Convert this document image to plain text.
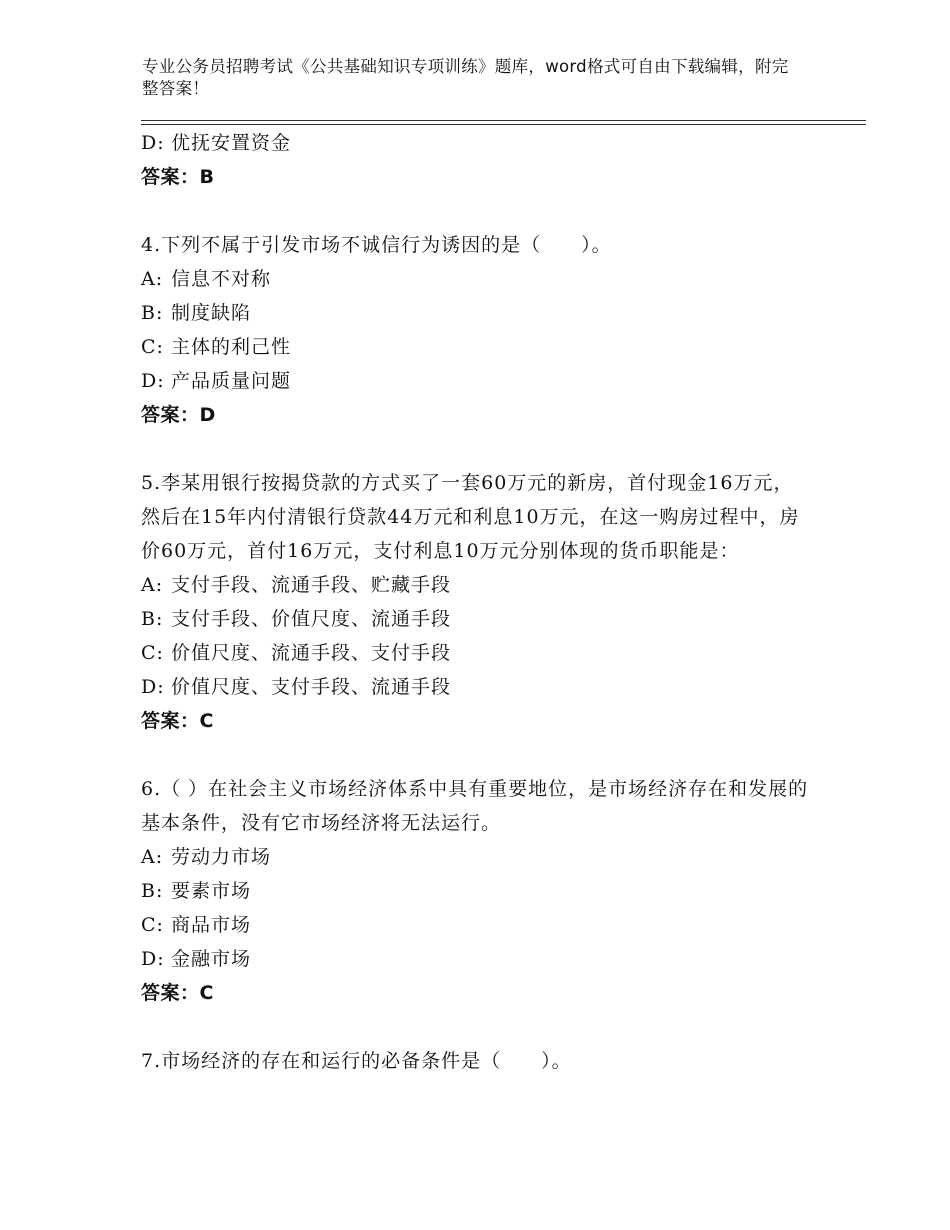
专业公务员招聘考试《公共基础知识专项训练》题库，word格式可自由下载编辑，附完整答案！
D: 优抚安置资金
答案：B
4.下列不属于引发市场不诚信行为诱因的是（　　）。
A: 信息不对称
B: 制度缺陷
C: 主体的利己性
D: 产品质量问题
答案：D
5.李某用银行按揭贷款的方式买了一套60万元的新房，首付现金16万元，然后在15年内付清银行贷款44万元和利息10万元，在这一购房过程中，房价60万元，首付16万元，支付利息10万元分别体现的货币职能是：
A: 支付手段、流通手段、贮藏手段
B: 支付手段、价值尺度、流通手段
C: 价值尺度、流通手段、支付手段
D: 价值尺度、支付手段、流通手段
答案：C
6.（ ）在社会主义市场经济体系中具有重要地位，是市场经济存在和发展的基本条件，没有它市场经济将无法运行。
A: 劳动力市场
B: 要素市场
C: 商品市场
D: 金融市场
答案：C
7.市场经济的存在和运行的必备条件是（　　）。
